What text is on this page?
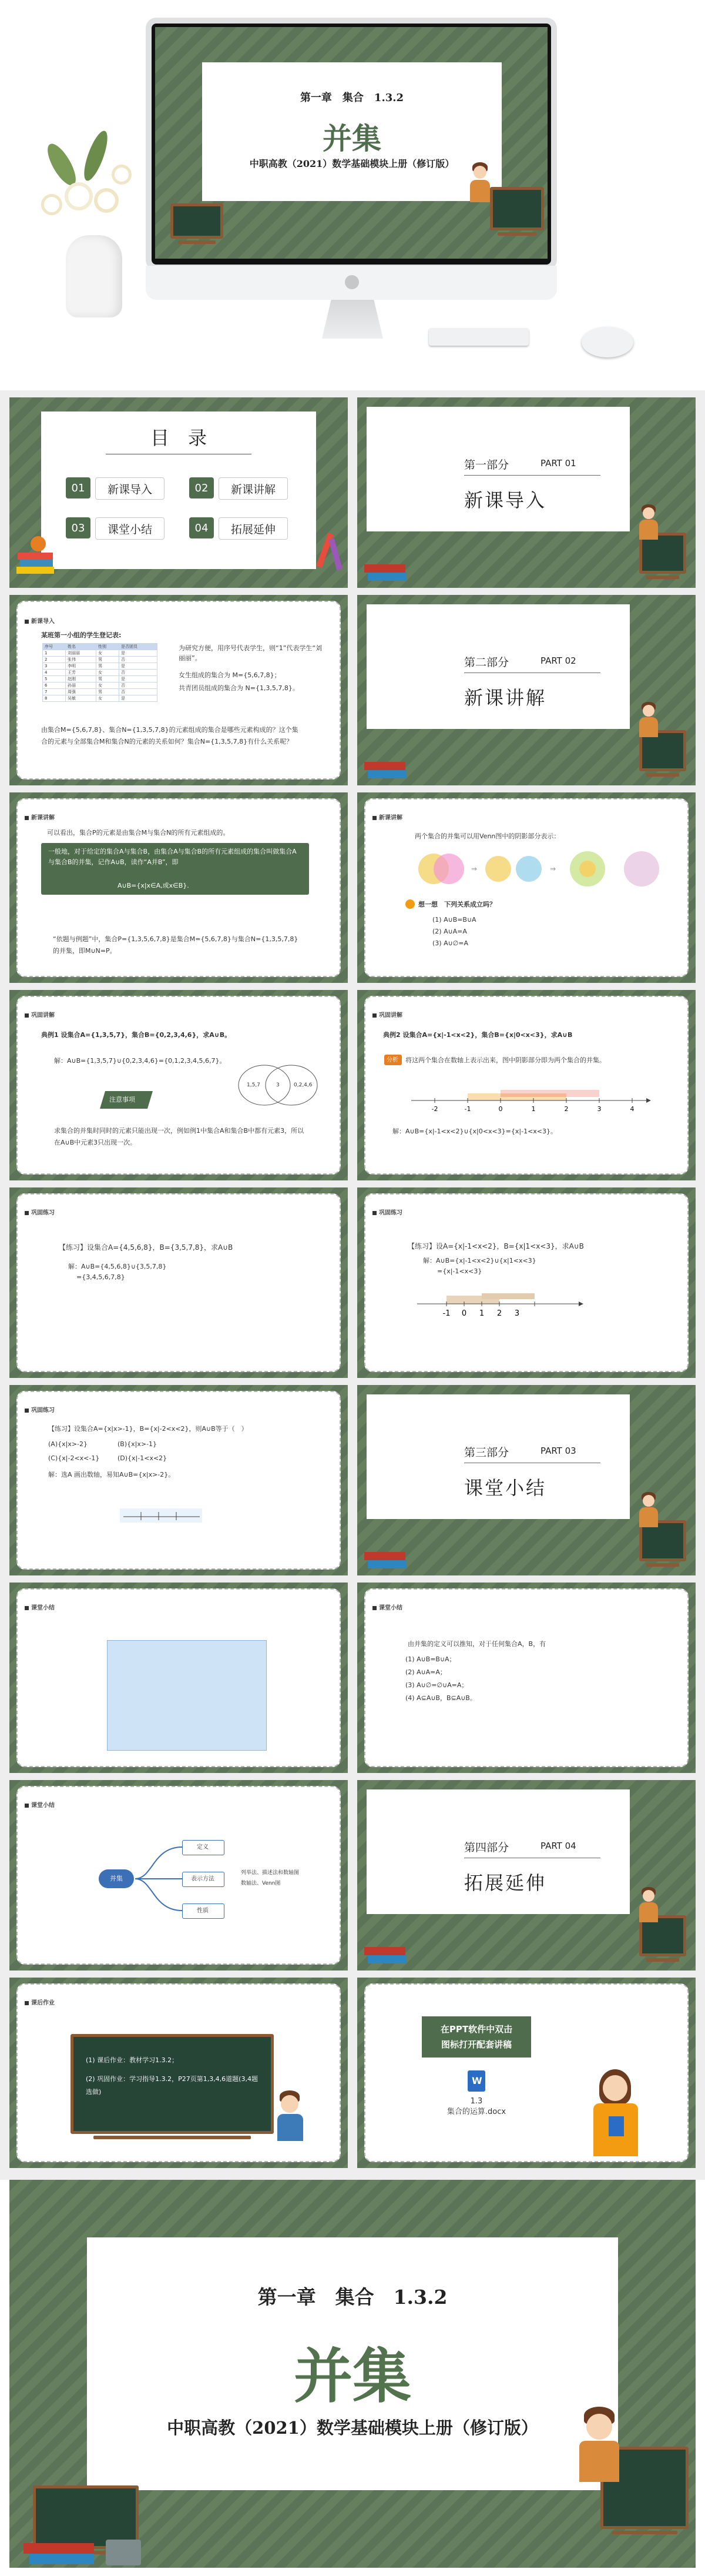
第一章　集合　1.3.2
并集
中职高教（2021）数学基础模块上册（修订版）
目　录
01	新课导入	02	新课讲解
03	课堂小结	04	拓展延伸
第一部分	PART 01
新课导入
新课导入
某班第一小组的学生登记表:
序号	姓名	性别	是否团员
1	刘丽丽	女	是
2	张伟	男	否
3	李明	男	是
4	王芳	女	否
5	赵刚	男	是
6	孙丽	女	否
7	周强	男	否
8	吴敏	女	是
为研究方便，用序号代表学生，则“1”代表学生“刘丽丽”。
女生组成的集合为 M={5,6,7,8}；
共青团员组成的集合为 N={1,3,5,7,8}。
由集合M={5,6,7,8}、集合N={1,3,5,7,8}的元素组成的集合是哪些元素构成的？这个集合的元素与全部集合M和集合N的元素的关系如何？集合N={1,3,5,7,8}有什么关系呢？
第二部分	PART 02
新课讲解
新课讲解
可以看出，集合P的元素是由集合M与集合N的所有元素组成的。
一般地，对于给定的集合A与集合B，由集合A与集合B的所有元素组成的集合叫做集合A与集合B的并集，记作A∪B，读作“A并B”，即
A∪B={x|x∈A,或x∈B}.
“依题与例题”中，集合P={1,3,5,6,7,8}是集合M={5,6,7,8}与集合N={1,3,5,7,8}的并集，即M∪N=P。
新课讲解
两个集合的并集可以用Venn图中的阴影部分表示：
⇒	⇒
想一想　下列关系成立吗？
(1) A∪B=B∪A
(2) A∪A=A
(3) A∪∅=A
巩固讲解
典例1 设集合A={1,3,5,7}，集合B={0,2,3,4,6}，求A∪B。
解：A∪B={1,3,5,7}∪{0,2,3,4,6}={0,1,2,3,4,5,6,7}。
注意事项
1,5,7	3	0,2,4,6
求集合的并集时同时的元素只能出现一次，例如例1中集合A和集合B中都有元素3，所以在A∪B中元素3只出现一次。
巩固讲解
典例2 设集合A={x|-1<x<2}，集合B={x|0<x<3}，求A∪B
分析 将这两个集合在数轴上表示出来，图中阴影部分即为两个集合的并集。
-2	-1	0	1	2	3	4
解：A∪B={x|-1<x<2}∪{x|0<x<3}={x|-1<x<3}。
巩固练习
【练习】设集合A={4,5,6,8}，B={3,5,7,8}，求A∪B
解：A∪B={4,5,6,8}∪{3,5,7,8}
={3,4,5,6,7,8}
巩固练习
【练习】设A={x|-1<x<2}，B={x|1<x<3}，求A∪B
解：A∪B={x|-1<x<2}∪{x|1<x<3}
={x|-1<x<3}
-1 0 1 2 3
巩固练习
【练习】设集合A={x|x>-1}，B={x|-2<x<2}，则A∪B等于（　）
(A){x|x>-2}	(B){x|x>-1}
(C){x|-2<x<-1}	(D){x|-1<x<2}
解：选A 画出数轴，易知A∪B={x|x>-2}。
第三部分	PART 03
课堂小结
课堂小结	课堂小结
由并集的定义可以推知，对于任何集合A，B，有
(1) A∪B=B∪A；
(2) A∪A=A；
(3) A∪∅=∅∪A=A；
(4) A⊆A∪B，B⊆A∪B。
课堂小结
并集
定义
表示方法
性质
列举法、描述法和数轴图
数轴法、Venn图
第四部分	PART 04
拓展延伸
课后作业
(1) 课后作业：教材学习1.3.2；
(2) 巩固作业：学习指导1.3.2，P27页第1,3,4,6道题(3,4题选做)
在PPT软件中双击
图标打开配套讲稿
W
1.3
集合的运算.docx
第一章　集合　1.3.2
并集
中职高教（2021）数学基础模块上册（修订版）
